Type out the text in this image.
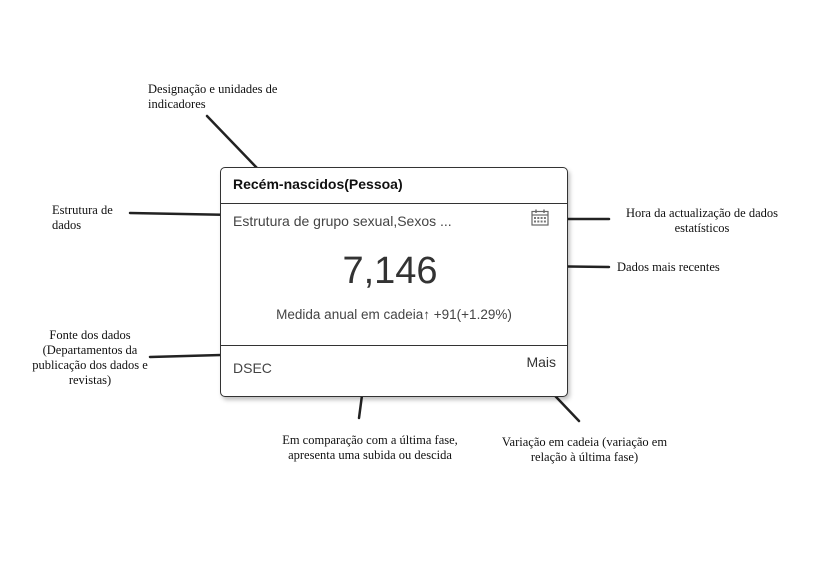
Designação e unidades de indicadores
Estrutura de dados
Hora da actualização de dados estatísticos
Dados mais recentes
Fonte dos dados (Departamentos da publicação dos dados e revistas)
Em comparação com a última fase, apresenta uma subida ou descida
Variação em cadeia (variação em relação à última fase)
Recém-nascidos(Pessoa)
Estrutura de grupo sexual,Sexos ...
7,146
Medida anual em cadeia↑ +91(+1.29%)
DSEC	Mais
